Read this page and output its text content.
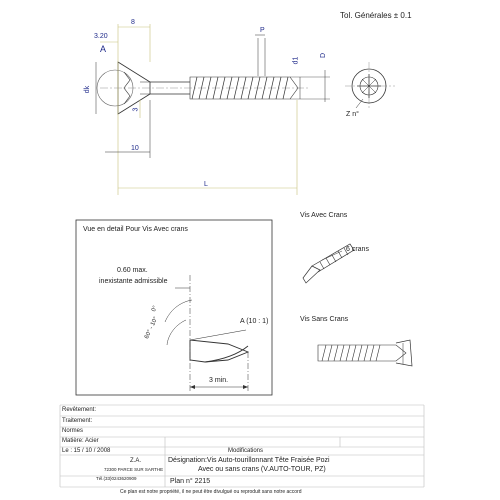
Tol. Générales ± 0.1
3.20
8
A
P
d1
D
dk
3
10
L
Z n°
Vue en detail Pour Vis Avec crans
0.60 max.
inexistante admissible
0°
60° - 10°	A (10 : 1)
3 min.
Vis Avec Crans
6 crans
Vis Sans Crans
Revêtement:
Traitement:
Normes
Matière: Acier
Le : 15 / 10 / 2008	Modifications
Désignation:Vis Auto-tourillonnant Tête Fraisée Pozi
Avec ou sans crans (V.AUTO-TOUR, PZ)
Z.A.
72300 PARCE SUR SARTHE
Tél.(33)02436​20909	Plan n° 2215
Ce plan est notre propriété, il ne peut être divulgué ou reproduit sans notre accord
